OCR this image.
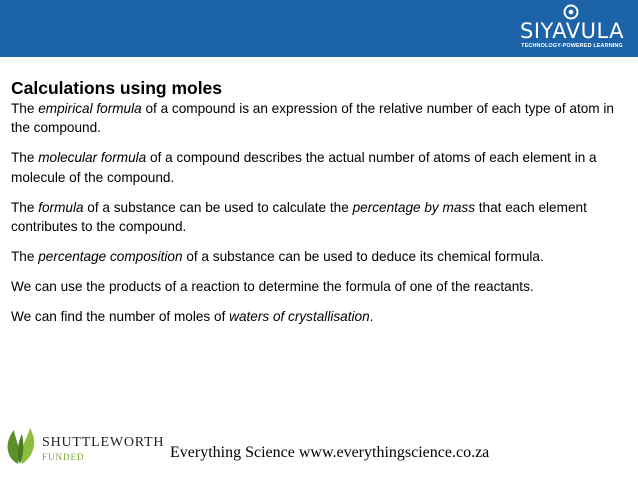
SIYAVULA
TECHNOLOGY-POWERED LEARNING
Calculations using moles
The empirical formula of a compound is an expression of the relative number of each type of atom in the compound.
The molecular formula of a compound describes the actual number of atoms of each element in a molecule of the compound.
The formula of a substance can be used to calculate the percentage by mass that each element contributes to the compound.
The percentage composition of a substance can be used to deduce its chemical formula.
We can use the products of a reaction to determine the formula of one of the reactants.
We can find the number of moles of waters of crystallisation.
SHUTTLEWORTH
FUNDED	Everything Science www.everythingscience.co.za
